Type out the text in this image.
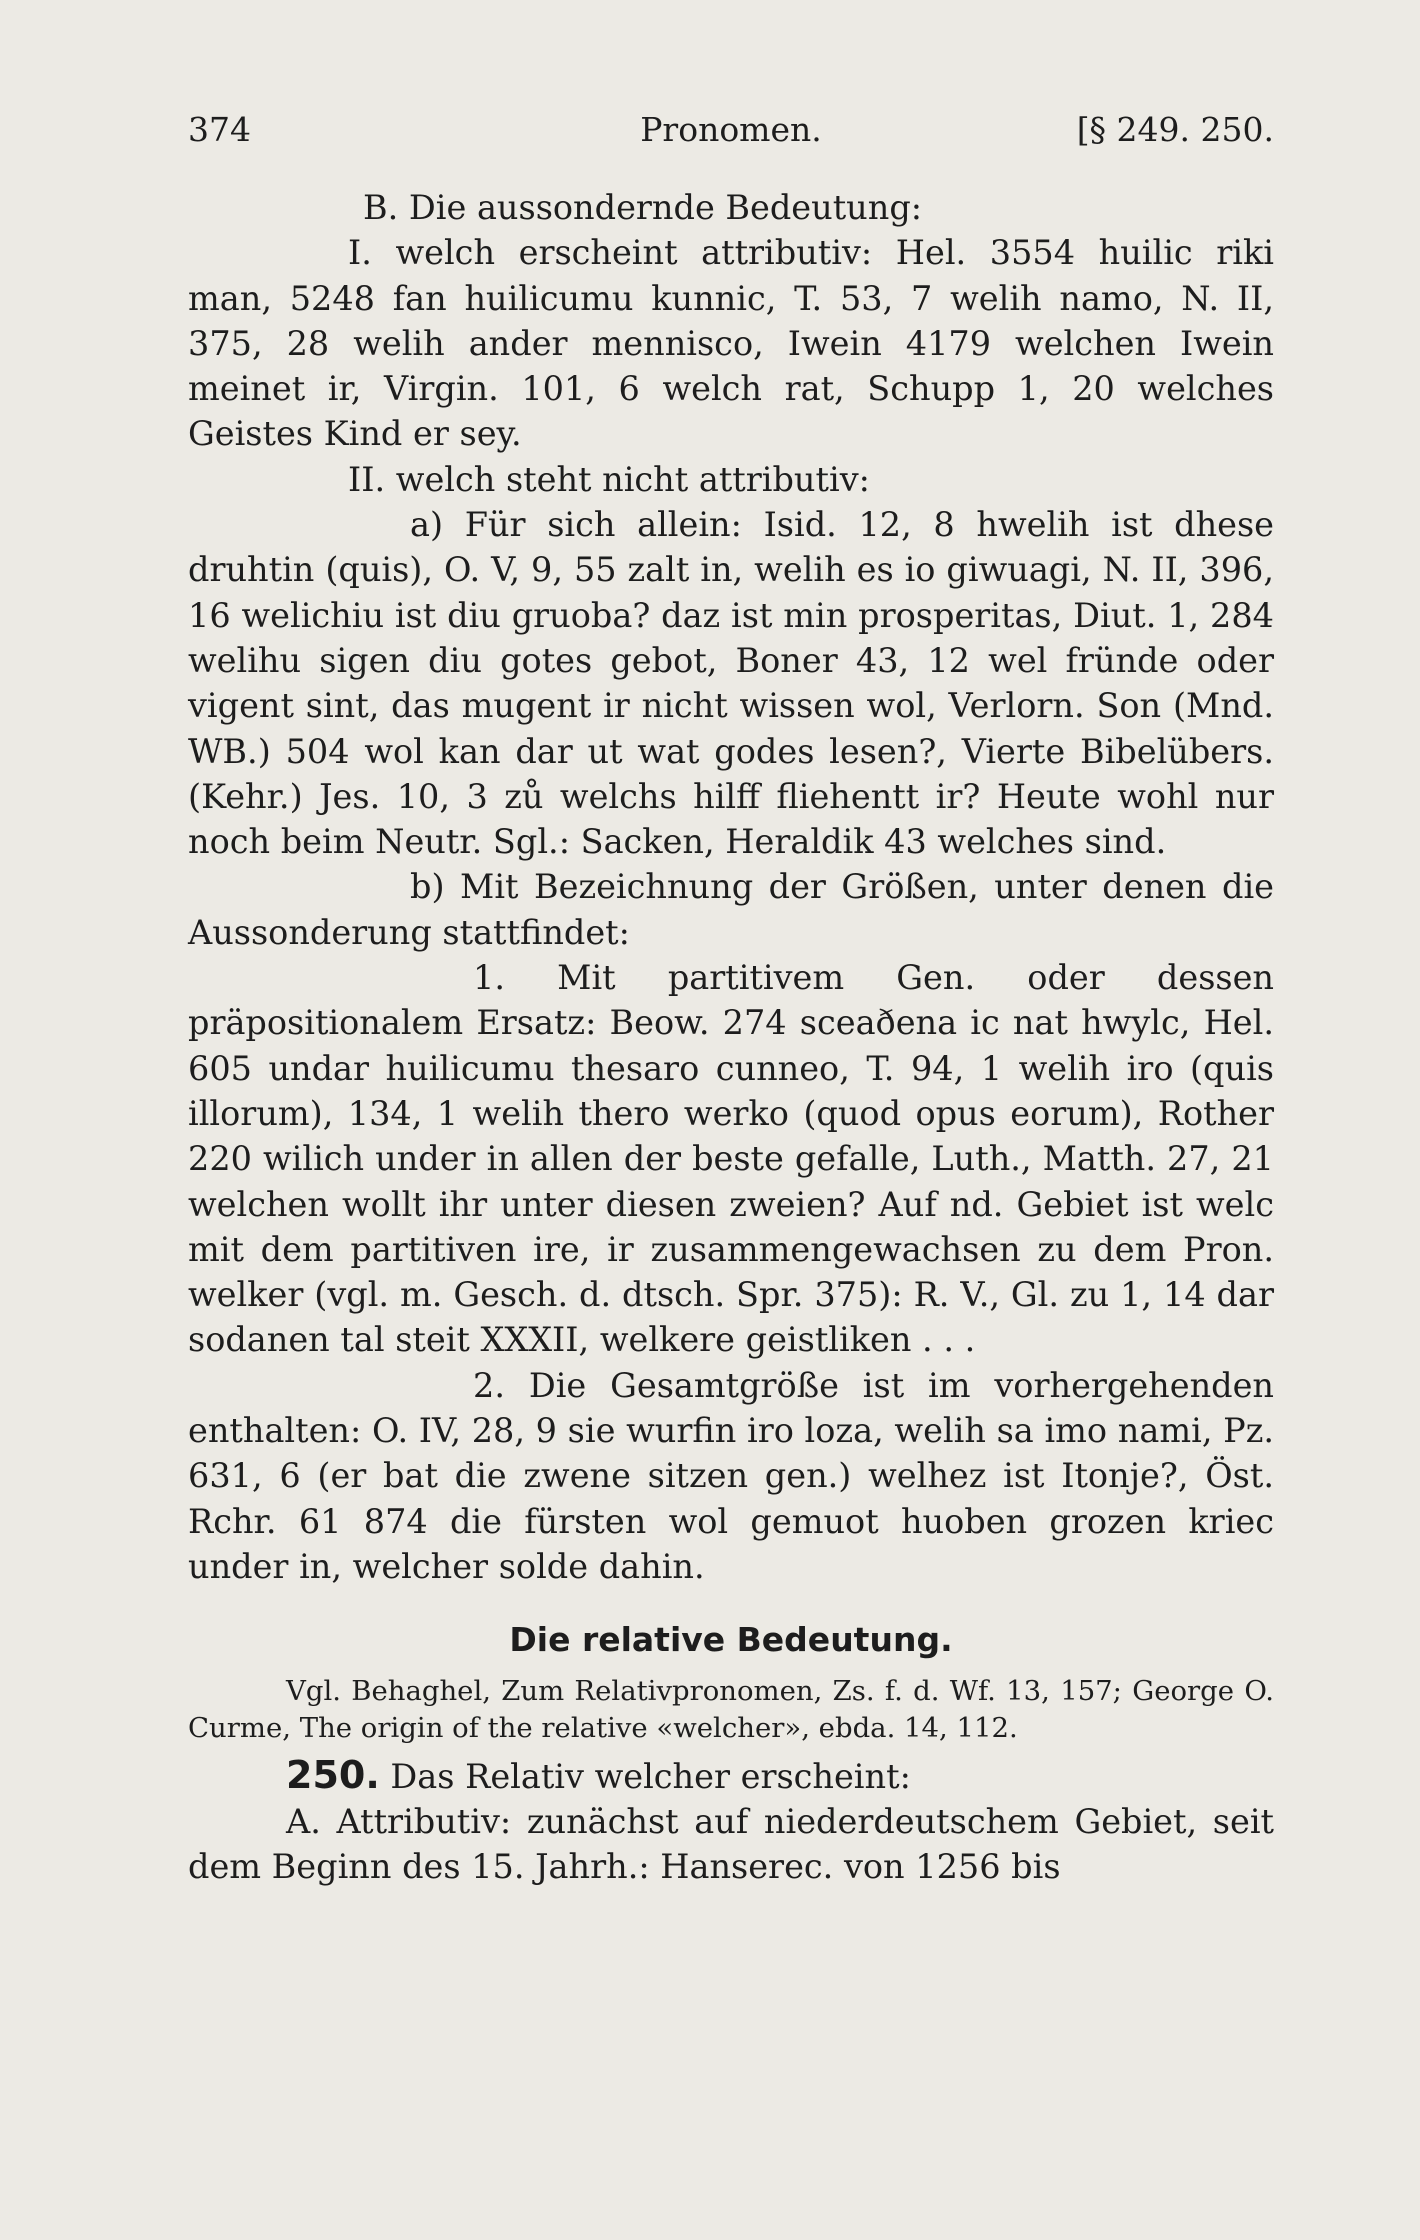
374	Pronomen.	[§ 249. 250.

B. Die aussondernde Bedeutung:

I. welch erscheint attributiv: Hel. 3554 huilic riki man, 5248 fan huilicumu kunnic, T. 53, 7 welih namo, N. II, 375, 28 welih ander mennisco, Iwein 4179 welchen Iwein meinet ir, Virgin. 101, 6 welch rat, Schupp 1, 20 welches Geistes Kind er sey.

II. welch steht nicht attributiv:

a) Für sich allein: Isid. 12, 8 hwelih ist dhese druhtin (quis), O. V, 9, 55 zalt in, welih es io giwuagi, N. II, 396, 16 welichiu ist diu gruoba? daz ist min prosperitas, Diut. 1, 284 welihu sigen diu gotes gebot, Boner 43, 12 wel fründe oder vigent sint, das mugent ir nicht wissen wol, Verlorn. Son (Mnd. WB.) 504 wol kan dar ut wat godes lesen?, Vierte Bibelübers. (Kehr.) Jes. 10, 3 zů welchs hilff fliehentt ir? Heute wohl nur noch beim Neutr. Sgl.: Sacken, Heraldik 43 welches sind.

b) Mit Bezeichnung der Größen, unter denen die Aussonderung stattfindet:

1. Mit partitivem Gen. oder dessen präpositionalem Ersatz: Beow. 274 sceaðena ic nat hwylc, Hel. 605 undar huilicumu thesaro cunneo, T. 94, 1 welih iro (quis illorum), 134, 1 welih thero werko (quod opus eorum), Rother 220 wilich under in allen der beste gefalle, Luth., Matth. 27, 21 welchen wollt ihr unter diesen zweien? Auf nd. Gebiet ist welc mit dem partitiven ire, ir zusammengewachsen zu dem Pron. welker (vgl. m. Gesch. d. dtsch. Spr. 375): R. V., Gl. zu 1, 14 dar sodanen tal steit XXXII, welkere geistliken . . .

2. Die Gesamtgröße ist im vorhergehenden enthalten: O. IV, 28, 9 sie wurfin iro loza, welih sa imo nami, Pz. 631, 6 (er bat die zwene sitzen gen.) welhez ist Itonje?, Öst. Rchr. 61 874 die fürsten wol gemuot huoben grozen kriec under in, welcher solde dahin.

Die relative Bedeutung.

Vgl. Behaghel, Zum Relativpronomen, Zs. f. d. Wf. 13, 157; George O. Curme, The origin of the relative «welcher», ebda. 14, 112.

250. Das Relativ welcher erscheint:

A. Attributiv: zunächst auf niederdeutschem Gebiet, seit dem Beginn des 15. Jahrh.: Hanserec. von 1256 bis
